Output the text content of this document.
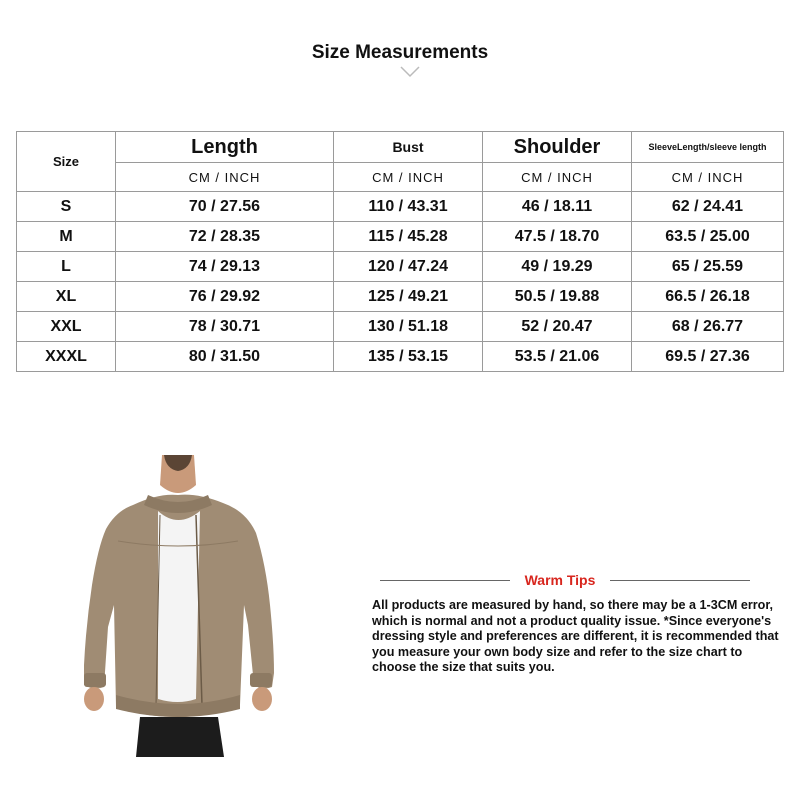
Size Measurements
Size	Length	Bust	Shoulder	SleeveLength/sleeve length
	CM / INCH	CM / INCH	CM / INCH	CM / INCH
S	70 / 27.56	110 / 43.31	46 / 18.11	62 / 24.41
M	72 / 28.35	115 / 45.28	47.5 / 18.70	63.5 / 25.00
L	74 / 29.13	120 / 47.24	49 / 19.29	65 / 25.59
XL	76 / 29.92	125 / 49.21	50.5 / 19.88	66.5 / 26.18
XXL	78 / 30.71	130 / 51.18	52 / 20.47	68 / 26.77
XXXL	80 / 31.50	135 / 53.15	53.5 / 21.06	69.5 / 27.36
Warm Tips
All products are measured by hand, so there may be a 1-3CM error, which is normal and not a product quality issue. *Since everyone's dressing style and preferences are different, it is recommended that you measure your own body size and refer to the size chart to choose the size that suits you.
